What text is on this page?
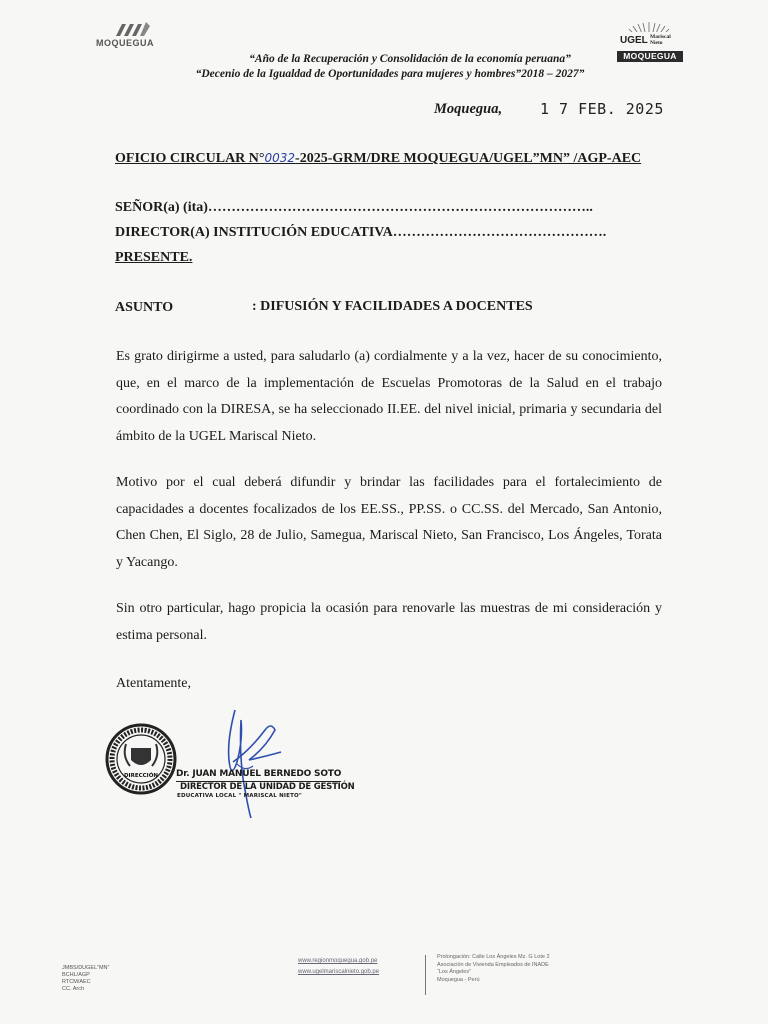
MOQUEGUA
“Año de la Recuperación y Consolidación de la economía peruana”
“Decenio de la Igualdad de Oportunidades para mujeres y hombres”2018 – 2027”
UGEL Mariscal
Nieto
MOQUEGUA
Moquegua,	1 7 FEB. 2025
OFICIO CIRCULAR N°0032-2025-GRM/DRE MOQUEGUA/UGEL”MN” /AGP-AEC
SEÑOR(a) (ita)………………………………………………………………………..
DIRECTOR(A) INSTITUCIÓN EDUCATIVA……………………………………….
PRESENTE.
ASUNTO	: DIFUSIÓN Y FACILIDADES A DOCENTES
Es grato dirigirme a usted, para saludarlo (a) cordialmente y a la vez, hacer de su conocimiento, que, en el marco de la implementación de Escuelas Promotoras de la Salud en el trabajo coordinado con la DIRESA, se ha seleccionado II.EE. del nivel inicial, primaria y secundaria del ámbito de la UGEL Mariscal Nieto.
Motivo por el cual deberá difundir y brindar las facilidades para el fortalecimiento de capacidades a docentes focalizados de los EE.SS., PP.SS. o CC.SS. del Mercado, San Antonio, Chen Chen, El Siglo, 28 de Julio, Samegua, Mariscal Nieto, San Francisco, Los Ángeles, Torata y Yacango.
Sin otro particular, hago propicia la ocasión para renovarle las muestras de mi consideración y estima personal.
Atentamente,
DIRECCIÓN Dr. JUAN MANUEL BERNEDO SOTO
DIRECTOR DE LA UNIDAD DE GESTIÓN
EDUCATIVA LOCAL " MARISCAL NIETO"
JMBS/DUGEL”MN”
BCHL/AGP
RTCM/AEC
CC. Arch
www.regionmoquegua.gob.pe
www.ugelmariscalnieto.gob.pe
Prolongación: Calle Los Ángeles Mz. G Lote 2
Asociación de Vivienda Empleados de INADE
“Los Ángeles”
Moquegua - Perú
